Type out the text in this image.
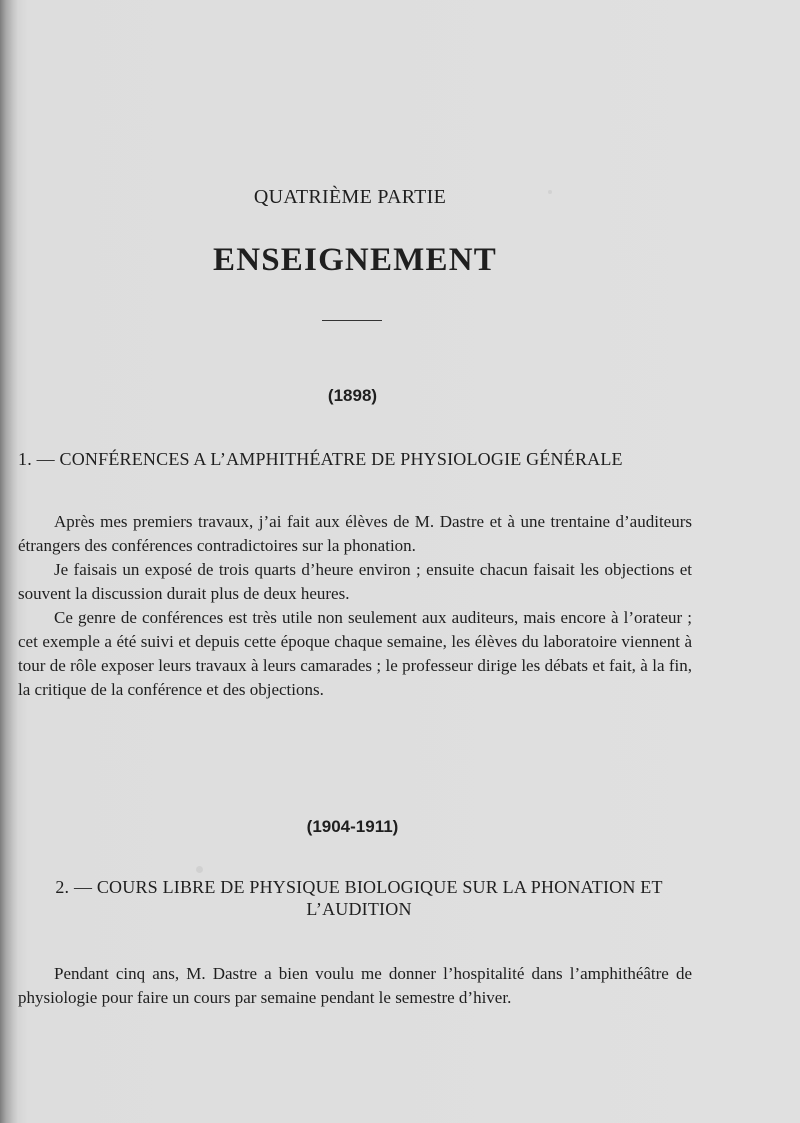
QUATRIÈME PARTIE
ENSEIGNEMENT
(1898)
1. — CONFÉRENCES A L’AMPHITHÉATRE DE PHYSIOLOGIE GÉNÉRALE
Après mes premiers travaux, j’ai fait aux élèves de M. Dastre et à une trentaine d’auditeurs étrangers des conférences contradictoires sur la phonation.
Je faisais un exposé de trois quarts d’heure environ ; ensuite chacun faisait les objections et souvent la discussion durait plus de deux heures.
Ce genre de conférences est très utile non seulement aux auditeurs, mais encore à l’orateur ; cet exemple a été suivi et depuis cette époque chaque semaine, les élèves du laboratoire viennent à tour de rôle exposer leurs travaux à leurs camarades ; le professeur dirige les débats et fait, à la fin, la critique de la conférence et des objections.
(1904-1911)
2. — COURS LIBRE DE PHYSIQUE BIOLOGIQUE SUR LA PHONATION ET L’AUDITION
Pendant cinq ans, M. Dastre a bien voulu me donner l’hospitalité dans l’amphithéâtre de physiologie pour faire un cours par semaine pendant le semestre d’hiver.
